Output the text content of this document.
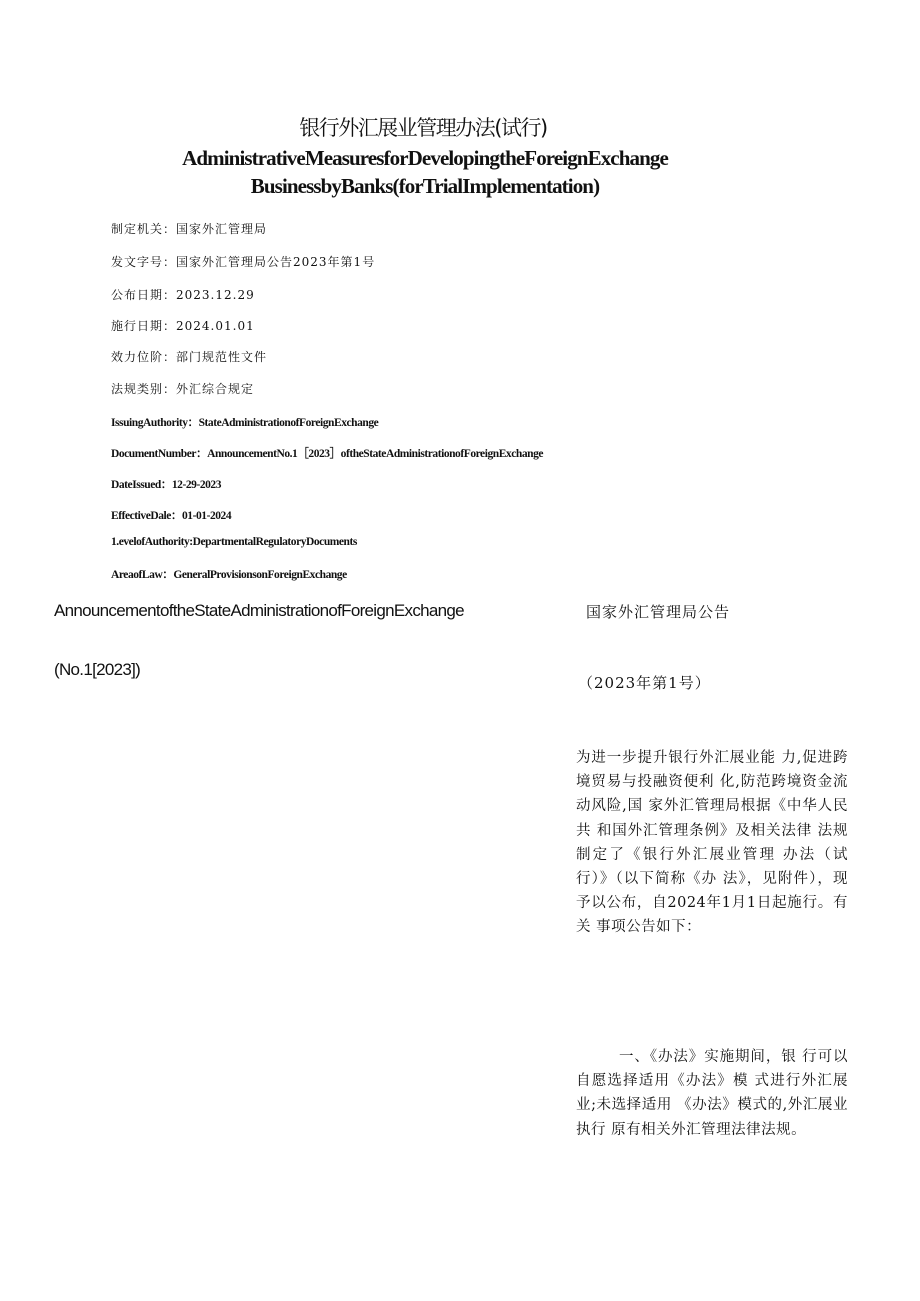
银行外汇展业管理办法(试行)
AdministrativeMeasuresforDevelopingtheForeignExchange
BusinessbyBanks(forTrialImplementation)
制定机关：国家外汇管理局
发文字号：国家外汇管理局公告2023年第1号
公布日期：2023.12.29
施行日期：2024.01.01
效力位阶：部门规范性文件
法规类别：外汇综合规定
IssuingAuthority：StateAdministrationofForeignExchange
DocumentNumber：AnnouncementNo.1［2023］oftheStateAdministrationofForeignExchange
DateIssued：12-29-2023
EffectiveDale：01-01-2024
1.evelofAuthority:DepartmentalRegulatoryDocuments
AreaofLaw：GeneralProvisionsonForeignExchange
AnnouncementoftheStateAdministrationofForeignExchange
(No.1[2023])
国家外汇管理局公告
（2023年第1号）
为进一步提升银行外汇展业能 力,促进跨境贸易与投融资便利 化,防范跨境资金流动风险,国 家外汇管理局根据《中华人民共 和国外汇管理条例》及相关法律 法规制定了《银行外汇展业管理 办法（试行）》（以下简称《办 法》，见附件），现予以公布，自2024年1月1日起施行。有关 事项公告如下：
一、《办法》实施期间，银 行可以自愿选择适用《办法》模 式进行外汇展业;未选择适用 《办法》模式的,外汇展业执行 原有相关外汇管理法律法规。
